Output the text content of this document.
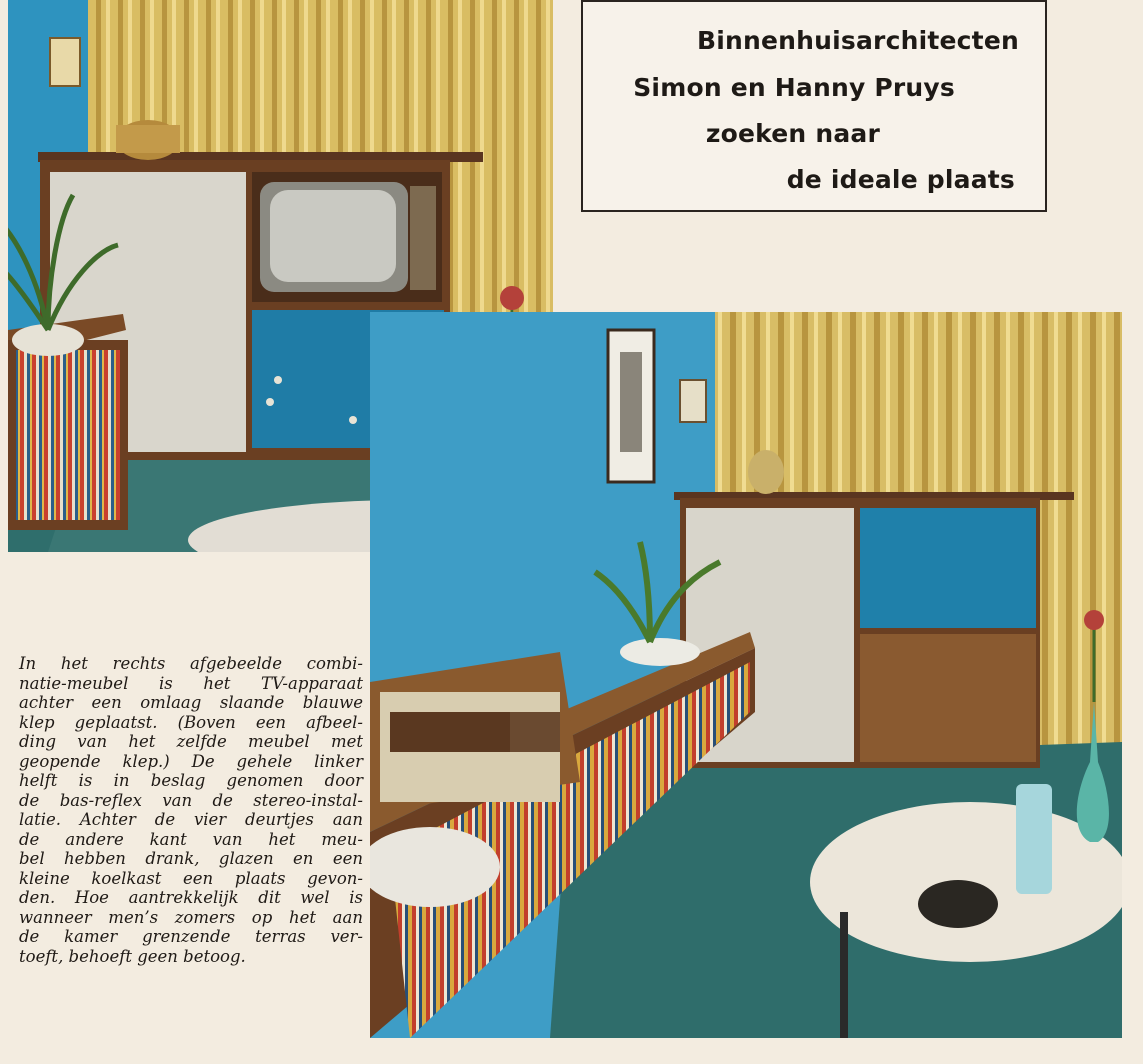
Binnenhuisarchitecten
Simon en Hanny Pruys
zoeken naar
de ideale plaats

In het rechts afgebeelde combi-

natie-meubel is het TV-apparaat

achter een omlaag slaande blauwe

klep geplaatst. (Boven een afbeel-

ding van het zelfde meubel met

geopende klep.) De gehele linker

helft is in beslag genomen door

de bas-reflex van de stereo-instal-

latie. Achter de vier deurtjes aan

de andere kant van het meu-

bel hebben drank, glazen en een

kleine koelkast een plaats gevon-

den. Hoe aantrekkelijk dit wel is

wanneer men’s zomers op het aan

de kamer grenzende terras ver-

toeft, behoeft geen betoog.
